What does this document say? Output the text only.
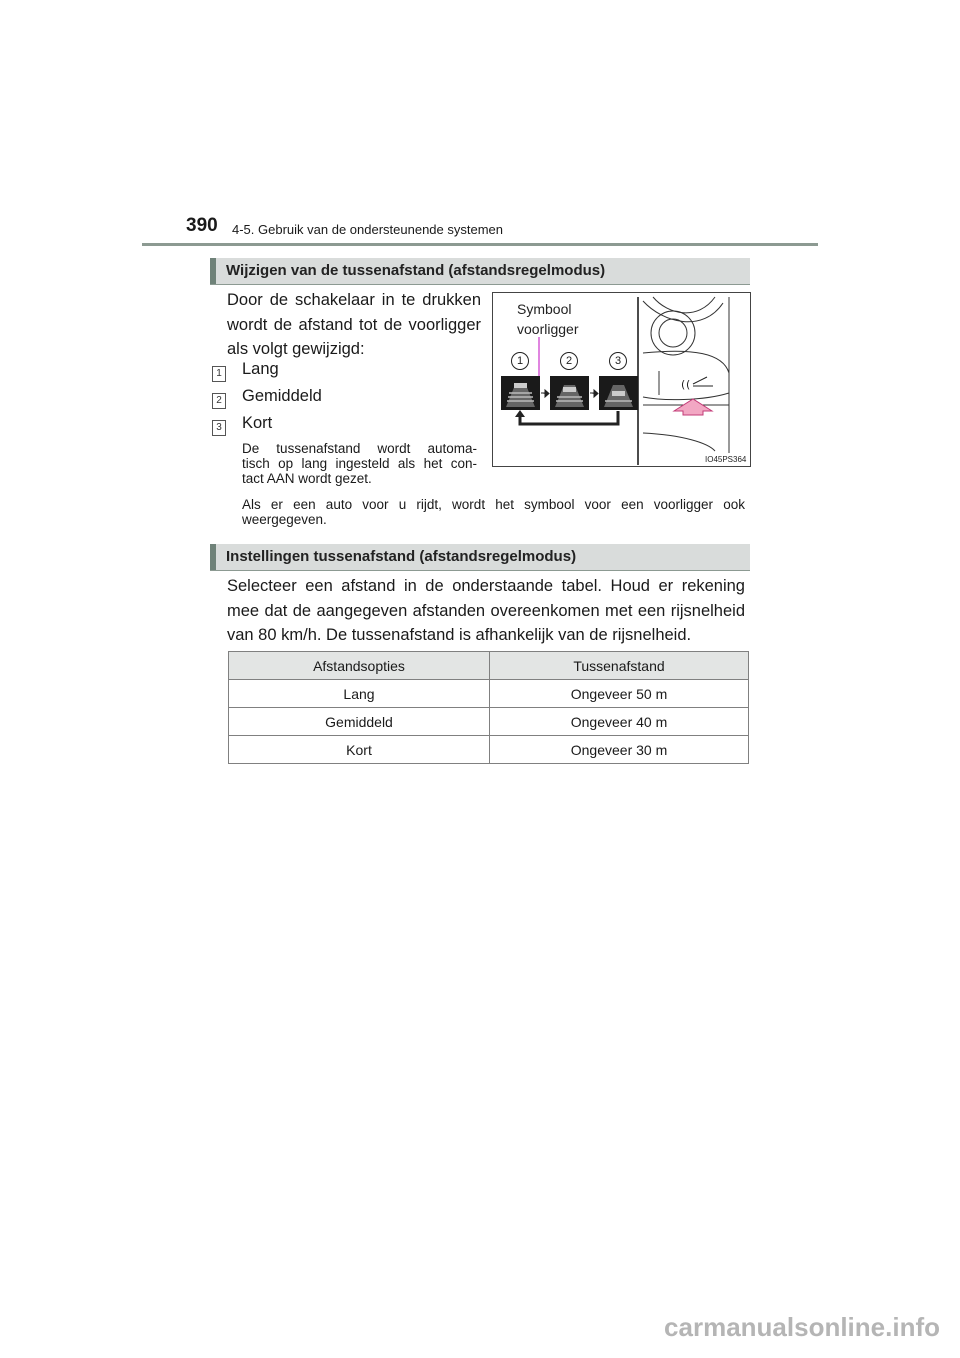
390 4-5. Gebruik van de ondersteunende systemen
Wijzigen van de tussenafstand (afstandsregelmodus)
Door de schakelaar in te drukken
wordt de afstand tot de voorligger
als volgt gewijzigd:
1 Lang
2 Gemiddeld
3 Kort
De tussenafstand wordt automa-
tisch op lang ingesteld als het con-
tact AAN wordt gezet.
( (
Symbool
voorligger
1	2	3
IO45PS364
Als er een auto voor u rijdt, wordt het symbool voor een voorligger ook
weergegeven.
Instellingen tussenafstand (afstandsregelmodus)
Selecteer een afstand in de onderstaande tabel. Houd er rekening
mee dat de aangegeven afstanden overeenkomen met een rijsnelheid
van 80 km/h. De tussenafstand is afhankelijk van de rijsnelheid.
Afstandsopties	Tussenafstand
Lang	Ongeveer 50 m
Gemiddeld	Ongeveer 40 m
Kort	Ongeveer 30 m
carmanualsonline.info
